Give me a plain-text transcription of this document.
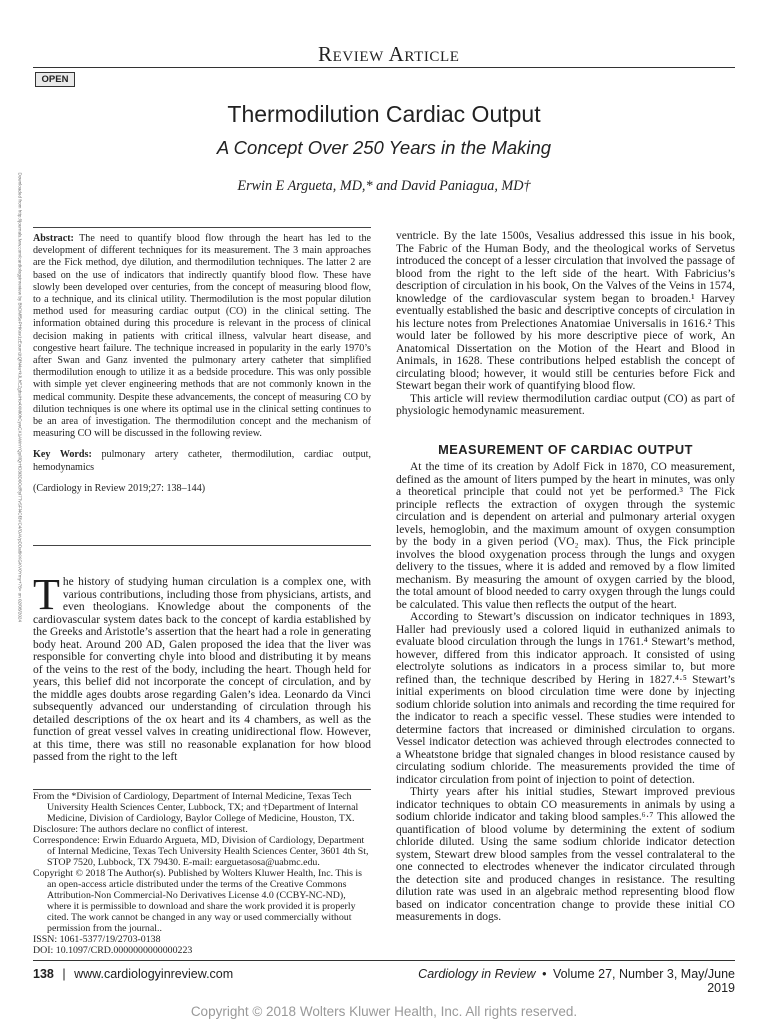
Review Article
OPEN
Thermodilution Cardiac Output
A Concept Over 250 Years in the Making
Erwin E Argueta, MD,* and David Paniagua, MD†
Downloaded from http://journals.lww.com/cardiologyinreview by BhDMf5ePHKav1zEoum1tQfN4a+kJLhEZgbsIHo4XMi0hCywCX1AWnYQp/IlQrHD3i3D0OdRyi7TvSFl4Cf3VC4/OAVpDDa8KKGKV0Ymy+78= on 02/08/2024 Abstract: The need to quantify blood flow through the heart has led to the development of different techniques for its measurement. The 3 main approaches are the Fick method, dye dilution, and thermodilution techniques. The latter 2 are based on the use of indicators that indirectly quantify blood flow. These have slowly been developed over centuries, from the concept of measuring blood flow, to a technique, and its clinical utility. Thermodilution is the most popular dilution method used for measuring cardiac output (CO) in the clinical setting. The information obtained during this procedure is relevant in the process of clinical decision making in patients with critical illness, valvular heart disease, and congestive heart failure. The technique increased in popularity in the early 1970’s after Swan and Ganz invented the pulmonary artery catheter that simplified thermodilution enough to utilize it as a bedside procedure. This was only possible with simple yet clever engineering methods that are not commonly known in the medical community. Despite these advancements, the concept of measuring CO by dilution techniques is one where its optimal use in the clinical setting continues to be an area of investigation. The thermodilution concept and the mechanism of measuring CO will be discussed in the following review.

Key Words: pulmonary artery catheter, thermodilution, cardiac output, hemodynamics

(Cardiology in Review 2019;27: 138–144)

The history of studying human circulation is a complex one, with various contributions, including those from physicians, artists, and even theologians. Knowledge about the components of the cardiovascular system dates back to the concept of kardia established by the Greeks and Aristotle’s assertion that the heart had a role in generating body heat. Around 200 AD, Galen proposed the idea that the liver was responsible for converting chyle into blood and distributing it by means of the veins to the rest of the body, including the heart. Though held for years, this belief did not incorporate the concept of circulation, and by the middle ages doubts arose regarding Galen’s idea. Leonardo da Vinci subsequently advanced our understanding of circulation through his detailed descriptions of the ox heart and its 4 chambers, as well as the function of great vessel valves in creating unidirectional flow. However, at this time, there was still no reasonable explanation for how blood passed from the right to the left

From the *Division of Cardiology, Department of Internal Medicine, Texas Tech University Health Sciences Center, Lubbock, TX; and †Department of Internal Medicine, Division of Cardiology, Baylor College of Medicine, Houston, TX.

Disclosure: The authors declare no conflict of interest.

Correspondence: Erwin Eduardo Argueta, MD, Division of Cardiology, Department of Internal Medicine, Texas Tech University Health Sciences Center, 3601 4th St, STOP 7520, Lubbock, TX 79430. E-mail: earguetasosa@uabmc.edu.

Copyright © 2018 The Author(s). Published by Wolters Kluwer Health, Inc. This is an open-access article distributed under the terms of the Creative Commons Attribution-Non Commercial-No Derivatives License 4.0 (CCBY-NC-ND), where it is permissible to download and share the work provided it is properly cited. The work cannot be changed in any way or used commercially without permission from the journal..

ISSN: 1061-5377/19/2703-0138

DOI: 10.1097/CRD.0000000000000223

ventricle. By the late 1500s, Vesalius addressed this issue in his book, The Fabric of the Human Body, and the theological works of Servetus introduced the concept of a lesser circulation that involved the passage of blood from the right to the left side of the heart. With Fabricius’s description of circulation in his book, On the Valves of the Veins in 1574, knowledge of the cardiovascular system began to broaden.¹ Harvey eventually established the basic and descriptive concepts of circulation in his lecture notes from Prelectiones Anatomiae Universalis in 1616.² This would later be followed by his more descriptive piece of work, An Anatomical Dissertation on the Motion of the Heart and Blood in Animals, in 1628. These contributions helped establish the concept of circulating blood; however, it would still be centuries before Fick and Stewart began their work of quantifying blood flow.

This article will review thermodilution cardiac output (CO) as part of physiologic hemodynamic measurement.

MEASUREMENT OF CARDIAC OUTPUT

At the time of its creation by Adolf Fick in 1870, CO measurement, defined as the amount of liters pumped by the heart in minutes, was only a theoretical principle that could not yet be performed.³ The Fick principle reflects the extraction of oxygen through the systemic circulation and is dependent on arterial and pulmonary arterial oxygen levels, hemoglobin, and the maximum amount of oxygen consumption by the body in a given period (VO₂ max). Thus, the Fick principle involves the blood oxygenation process through the lungs and oxygen delivery to the tissues, where it is added and removed by a flow limited mechanism. By measuring the amount of oxygen carried by the blood, the total amount of blood needed to carry oxygen through the lungs could be calculated. This value then reflects the output of the heart.

According to Stewart’s discussion on indicator techniques in 1893, Haller had previously used a colored liquid in euthanized animals to evaluate blood circulation through the lungs in 1761.⁴ Stewart’s method, however, differed from this indicator approach. It consisted of using electrolyte solutions as indicators in a process similar to, but more refined than, the technique described by Hering in 1827.⁴·⁵ Stewart’s initial experiments on blood circulation time were done by injecting sodium chloride solution into animals and recording the time required for the indicator to reach a specific vessel. These studies were intended to determine factors that increased or diminished circulation to organs. Vessel indicator detection was achieved through electrodes connected to a Wheatstone bridge that signaled changes in blood resistance caused by circulating sodium chloride. The measurements provided the time of indicator circulation from point of injection to point of detection.

Thirty years after his initial studies, Stewart improved previous indicator techniques to obtain CO measurements in animals by using a sodium chloride indicator and taking blood samples.⁶·⁷ This allowed the quantification of blood volume by determining the extent of sodium chloride diluted. Using the same sodium chloride indicator detection system, Stewart drew blood samples from the vessel contralateral to the one connected to electrodes whenever the indicator circulated through the detection site and produced changes in resistance. The resulting dilution rate was used in an algebraic method representing blood flow based on indicator concentration change to provide these initial CO measurements in dogs.

138 | www.cardiologyinreview.com	Cardiology in Review • Volume 27, Number 3, May/June 2019
Copyright © 2018 Wolters Kluwer Health, Inc. All rights reserved.
